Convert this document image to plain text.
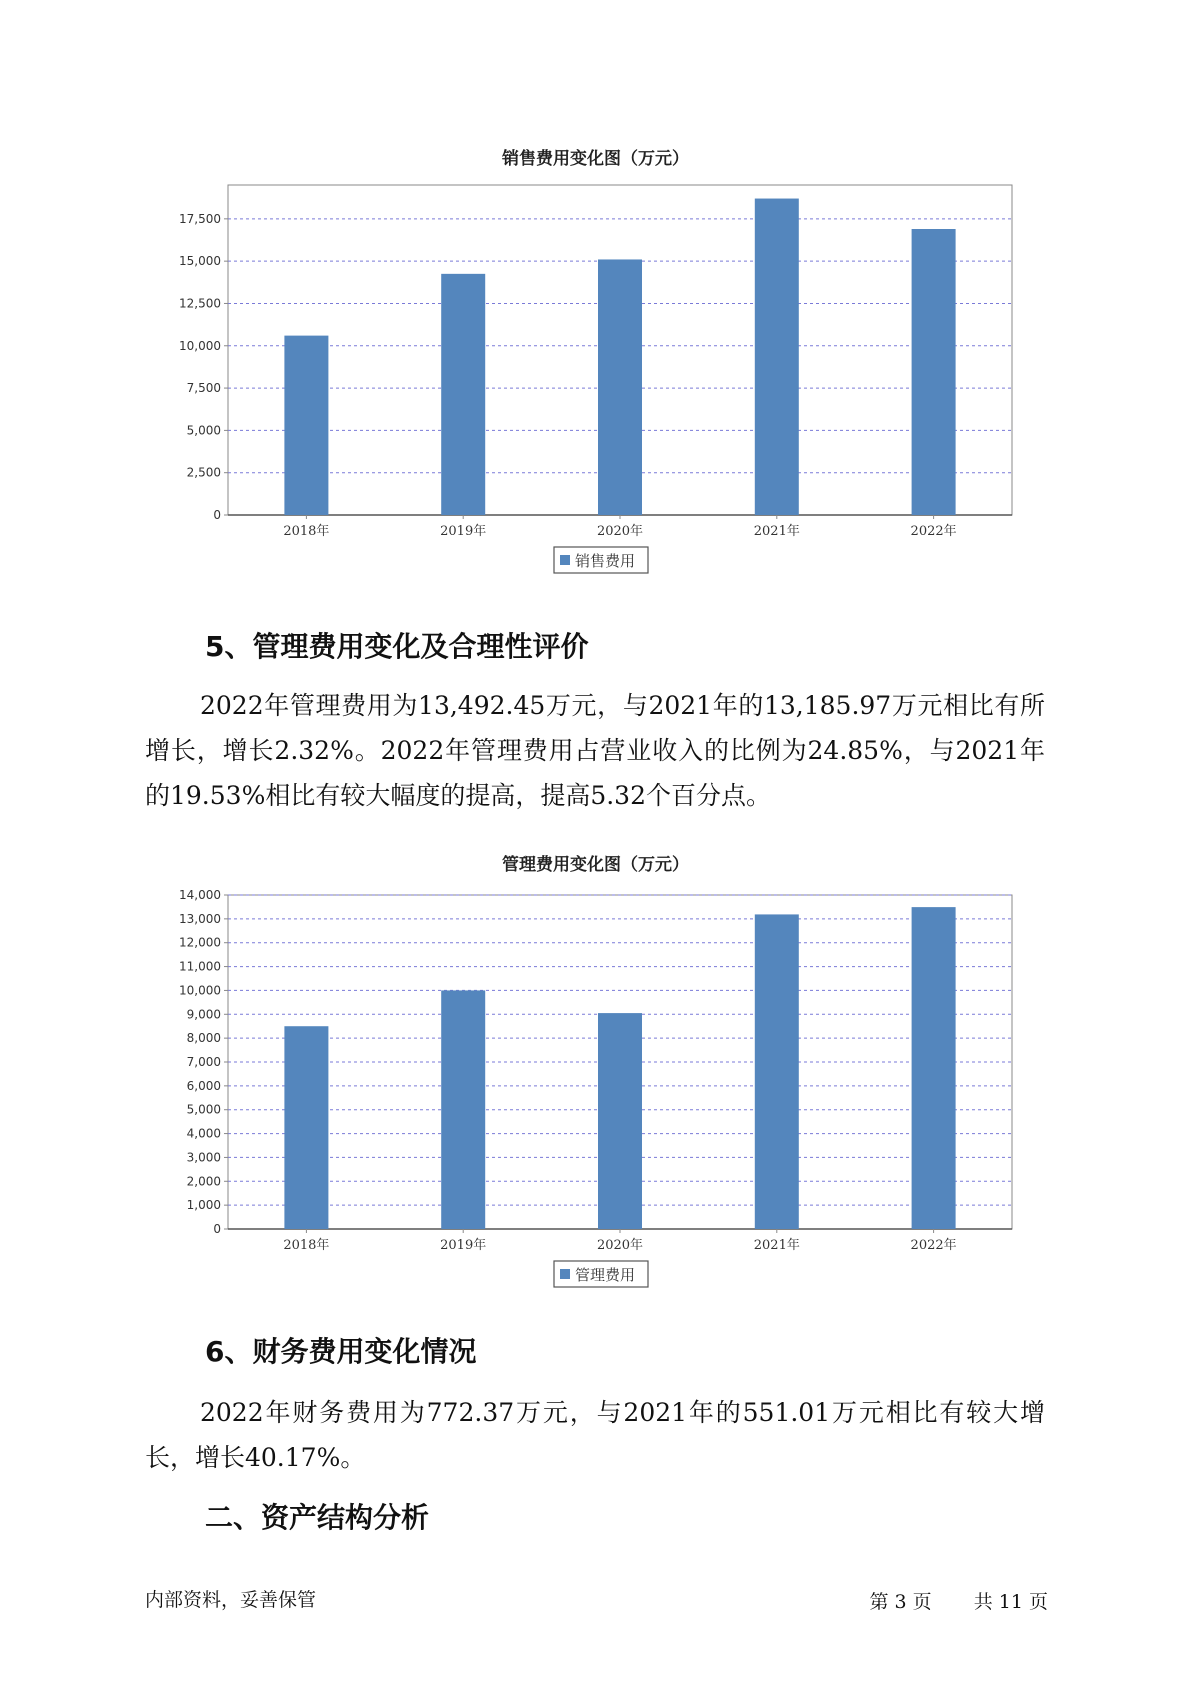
销售费用变化图（万元）
0
2,500
5,000
7,500
10,000
12,500
15,000
17,500
2018年	2019年	2020年	2021年	2022年
销售费用
5、管理费用变化及合理性评价

2022年管理费用为13,492.45万元，与2021年的13,185.97万元相比有所增长，增长2.32%。2022年管理费用占营业收入的比例为24.85%，与2021年的19.53%相比有较大幅度的提高，提高5.32个百分点。

管理费用变化图（万元）
0
1,000
2,000
3,000
4,000
5,000
6,000
7,000
8,000
9,000
10,000
11,000
12,000
13,000
14,000
2018年	2019年	2020年	2021年	2022年
管理费用
6、财务费用变化情况

2022年财务费用为772.37万元，与2021年的551.01万元相比有较大增长，增长40.17%。

二、资产结构分析
内部资料，妥善保管	第 3 页 共 11 页
